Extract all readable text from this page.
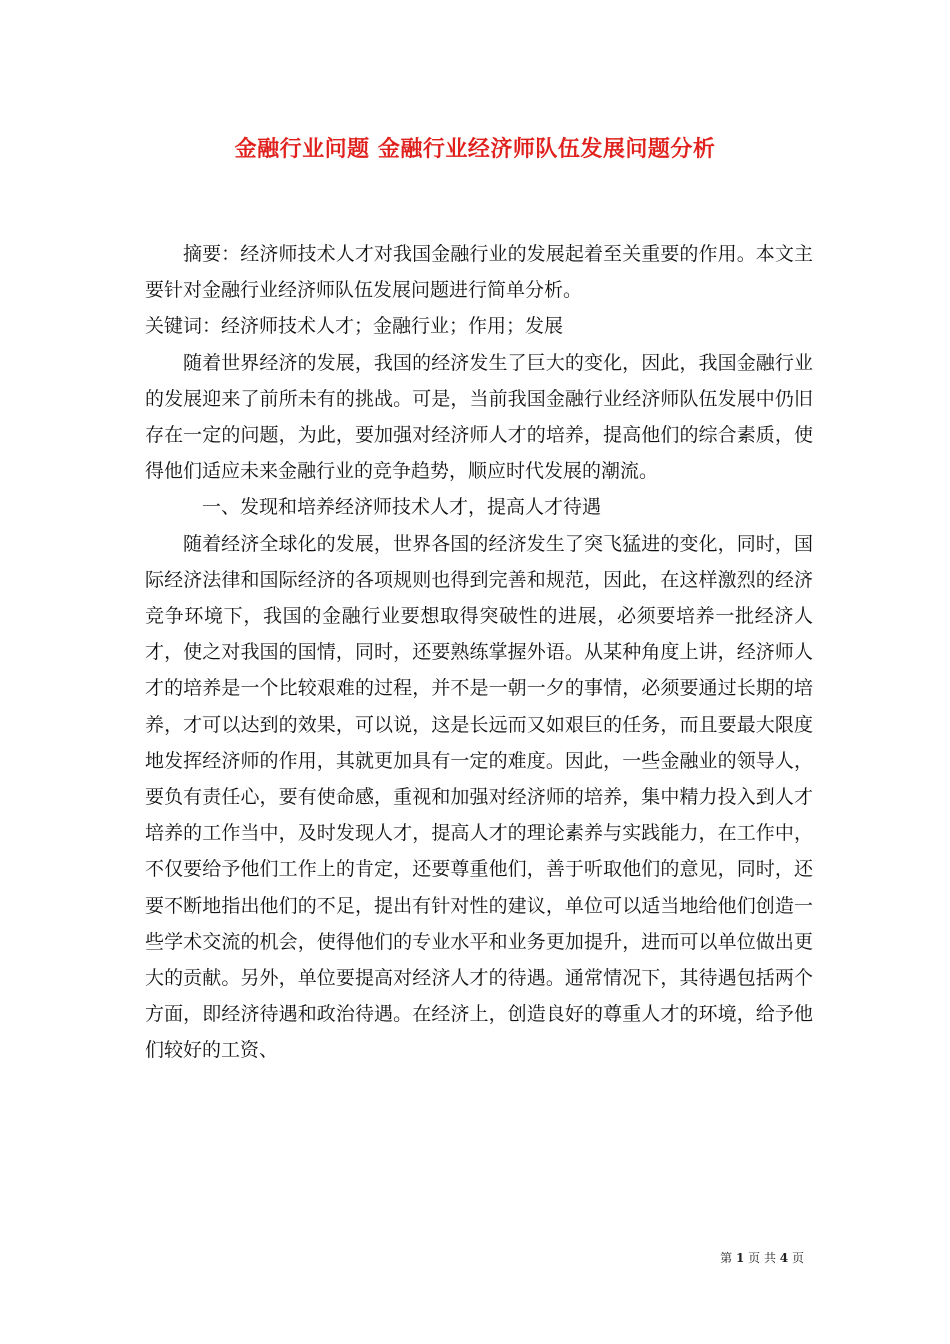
金融行业问题 金融行业经济师队伍发展问题分析

摘要：经济师技术人才对我国金融行业的发展起着至关重要的作用。本文主要针对金融行业经济师队伍发展问题进行简单分析。

关键词：经济师技术人才；金融行业；作用；发展

随着世界经济的发展，我国的经济发生了巨大的变化，因此，我国金融行业的发展迎来了前所未有的挑战。可是，当前我国金融行业经济师队伍发展中仍旧存在一定的问题，为此，要加强对经济师人才的培养，提高他们的综合素质，使得他们适应未来金融行业的竞争趋势，顺应时代发展的潮流。

一、发现和培养经济师技术人才，提高人才待遇

随着经济全球化的发展，世界各国的经济发生了突飞猛进的变化，同时，国际经济法律和国际经济的各项规则也得到完善和规范，因此，在这样激烈的经济竞争环境下，我国的金融行业要想取得突破性的进展，必须要培养一批经济人才，使之对我国的国情，同时，还要熟练掌握外语。从某种角度上讲，经济师人才的培养是一个比较艰难的过程，并不是一朝一夕的事情，必须要通过长期的培养，才可以达到的效果，可以说，这是长远而又如艰巨的任务，而且要最大限度地发挥经济师的作用，其就更加具有一定的难度。因此，一些金融业的领导人，要负有责任心，要有使命感，重视和加强对经济师的培养，集中精力投入到人才培养的工作当中，及时发现人才，提高人才的理论素养与实践能力，在工作中，不仅要给予他们工作上的肯定，还要尊重他们，善于听取他们的意见，同时，还要不断地指出他们的不足，提出有针对性的建议，单位可以适当地给他们创造一些学术交流的机会，使得他们的专业水平和业务更加提升，进而可以单位做出更大的贡献。另外，单位要提高对经济人才的待遇。通常情况下，其待遇包括两个方面，即经济待遇和政治待遇。在经济上，创造良好的尊重人才的环境，给予他们较好的工资、

第 1 页 共 4 页
